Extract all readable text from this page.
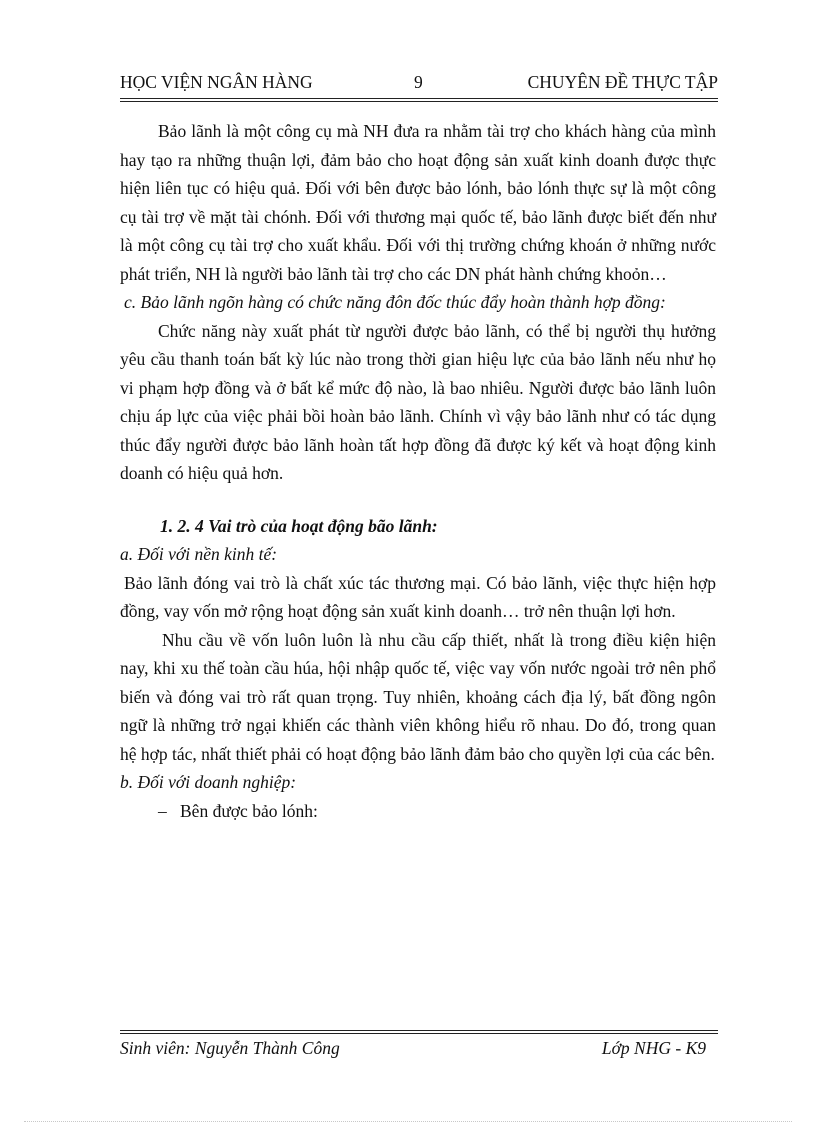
HỌC VIỆN NGÂN HÀNG	9	CHUYÊN ĐỀ THỰC TẬP

Bảo lãnh là một công cụ mà NH đưa ra nhằm tài trợ cho khách hàng của mình hay tạo ra những thuận lợi, đảm bảo cho hoạt động sản xuất kinh doanh được thực hiện liên tục có hiệu quả. Đối với bên được bảo lónh, bảo lónh thực sự là một công cụ tài trợ về mặt tài chónh. Đối với thương mại quốc tế, bảo lãnh được biết đến như là một công cụ tài trợ cho xuất khẩu. Đối với thị trường chứng khoán ở những nước phát triển, NH là người bảo lãnh tài trợ cho các DN phát hành chứng khoỏn…

c. Bảo lãnh ngõn hàng có chức năng đôn đốc thúc đẩy hoàn thành hợp đồng:

Chức năng này xuất phát từ người được bảo lãnh, có thể bị người thụ hưởng yêu cầu thanh toán bất kỳ lúc nào trong thời gian hiệu lực của bảo lãnh nếu như họ vi phạm hợp đồng và ở bất kể mức độ nào, là bao nhiêu. Người được bảo lãnh luôn chịu áp lực của việc phải bồi hoàn bảo lãnh. Chính vì vậy bảo lãnh như có tác dụng thúc đẩy người được bảo lãnh hoàn tất hợp đồng đã được ký kết và hoạt động kinh doanh có hiệu quả hơn.

1. 2. 4 Vai trò của hoạt động bão lãnh:

a. Đối với nền kinh tế:

Bảo lãnh đóng vai trò là chất xúc tác thương mại. Có bảo lãnh, việc thực hiện hợp đồng, vay vốn mở rộng hoạt động sản xuất kinh doanh… trở nên thuận lợi hơn.

Nhu cầu về vốn luôn luôn là nhu cầu cấp thiết, nhất là trong điều kiện hiện nay, khi xu thế toàn cầu húa, hội nhập quốc tế, việc vay vốn nước ngoài trở nên phổ biến và đóng vai trò rất quan trọng. Tuy nhiên, khoảng cách địa lý, bất đồng ngôn ngữ là những trở ngại khiến các thành viên không hiểu rõ nhau. Do đó, trong quan hệ hợp tác, nhất thiết phải có hoạt động bảo lãnh đảm bảo cho quyền lợi của các bên.

b. Đối với doanh nghiệp:

– Bên được bảo lónh:

Sinh viên: Nguyễn Thành Công	Lớp NHG - K9
